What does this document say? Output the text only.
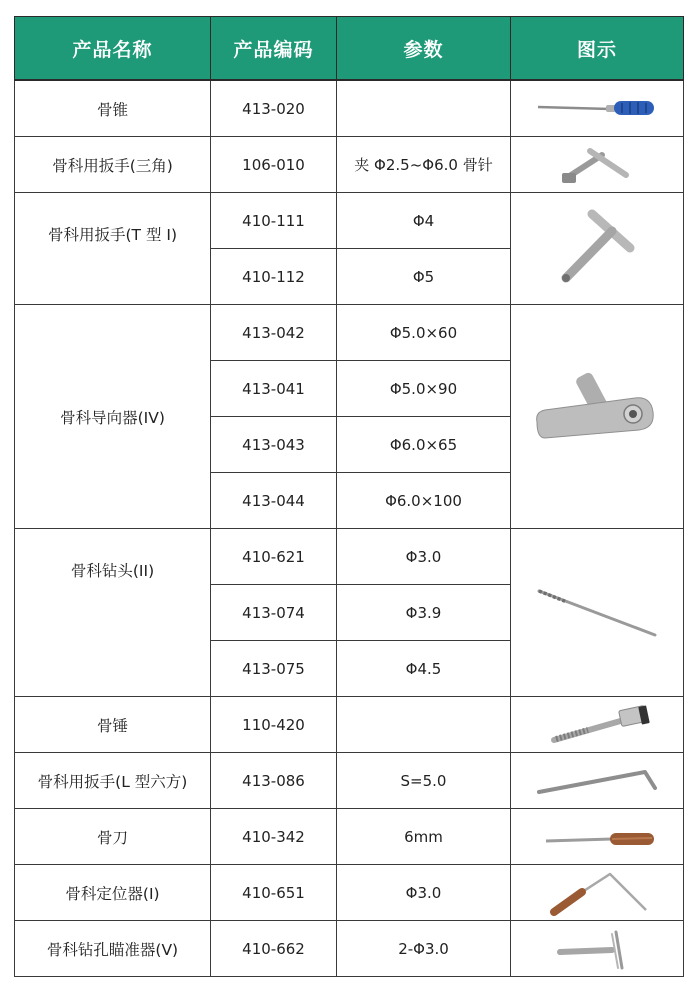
产品名称	产品编码	参数	图示
骨锥	413-020		

骨科用扳手(三角)	106-010	夹 Φ2.5~Φ6.0 骨针	

骨科用扳手(T 型 I)	410-111	Φ4	

	410-112	Φ5	
骨科导向器(IV)	413-042	Φ5.0×60	

	413-041	Φ5.0×90	
	413-043	Φ6.0×65	
	413-044	Φ6.0×100	
骨科钻头(II)	410-621	Φ3.0	

	413-074	Φ3.9	
	413-075	Φ4.5	
骨锤	110-420		

骨科用扳手(L 型六方)	413-086	S=5.0	

骨刀	410-342	6mm	

骨科定位器(I)	410-651	Φ3.0	

骨科钻孔瞄准器(V)	410-662	2-Φ3.0	
